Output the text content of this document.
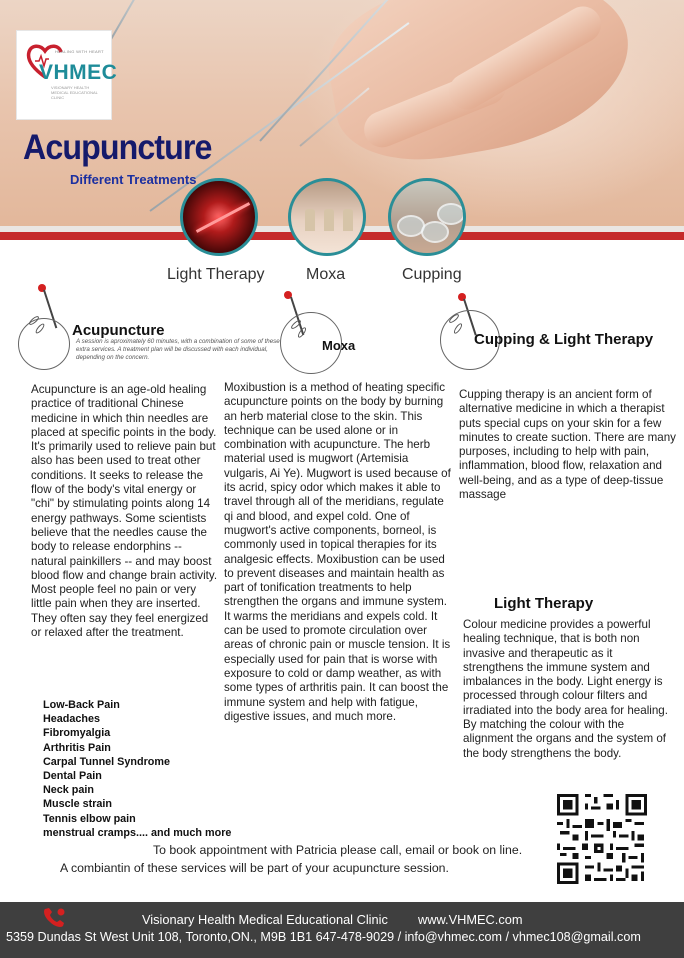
HEALING WITH HEART
VHMEC
VISIONARY HEALTH MEDICAL EDUCATIONAL CLINIC
Acupuncture
Different Treatments
Light Therapy	Moxa	Cupping
Acupuncture
A session is aproximately 60 minutes, with a combination of some of these extra services. A treatment plan will be discussed with each individual, depending on the concern.
Moxa	Cupping & Light Therapy
Light Therapy

Acupuncture is an age-old healing practice of traditional Chinese medicine in which thin needles are placed at specific points in the body. It's primarily used to relieve pain but also has been used to treat other conditions. It seeks to release the flow of the body's vital energy or "chi" by stimulating points along 14 energy pathways. Some scientists believe that the needles cause the body to release endorphins -- natural painkillers -- and may boost blood flow and change brain activity.

Most people feel no pain or very little pain when they are inserted. They often say they feel energized or relaxed after the treatment.

Moxibustion is a method of heating specific acupuncture points on the body by burning an herb material close to the skin. This technique can be used alone or in combination with acupuncture. The herb material used is mugwort (Artemisia vulgaris, Ai Ye). Mugwort is used because of its acrid, spicy odor which makes it able to travel through all of the meridians, regulate qi and blood, and expel cold. One of mugwort's active components, borneol, is commonly used in topical therapies for its analgesic effects. Moxibustion can be used to prevent diseases and maintain health as part of tonification treatments to help strengthen the organs and immune system. It warms the meridians and expels cold. It can be used to promote circulation over areas of chronic pain or muscle tension. It is especially used for pain that is worse with exposure to cold or damp weather, as with some types of arthritis pain. It can boost the immune system and help with fatigue, digestive issues, and much more.
Cupping therapy is an ancient form of alternative medicine in which a therapist puts special cups on your skin for a few minutes to create suction. There are many purposes, including to help with pain, inflammation, blood flow, relaxation and well-being, and as a type of deep-tissue massage
Colour medicine provides a powerful healing technique, that is both non invasive and therapeutic as it strengthens the immune system and imbalances in the body. Light energy is processed through colour filters and irradiated into the body area for healing. By matching the colour with the alignment the organs and the system of the body strengthens the body.
Low-Back Pain
Headaches
Fibromyalgia
Arthritis Pain
Carpal Tunnel Syndrome
Dental Pain
Neck pain
Muscle strain
Tennis elbow pain
menstrual cramps.... and much more
To book appointment with Patricia please call, email or book on line.
A combiantin of these services will be part of your acupuncture session.
Visionary Health Medical Educational Clinic www.VHMEC.com
5359 Dundas St West Unit 108, Toronto,ON., M9B 1B1 647-478-9029 / info@vhmec.com / vhmec108@gmail.com
